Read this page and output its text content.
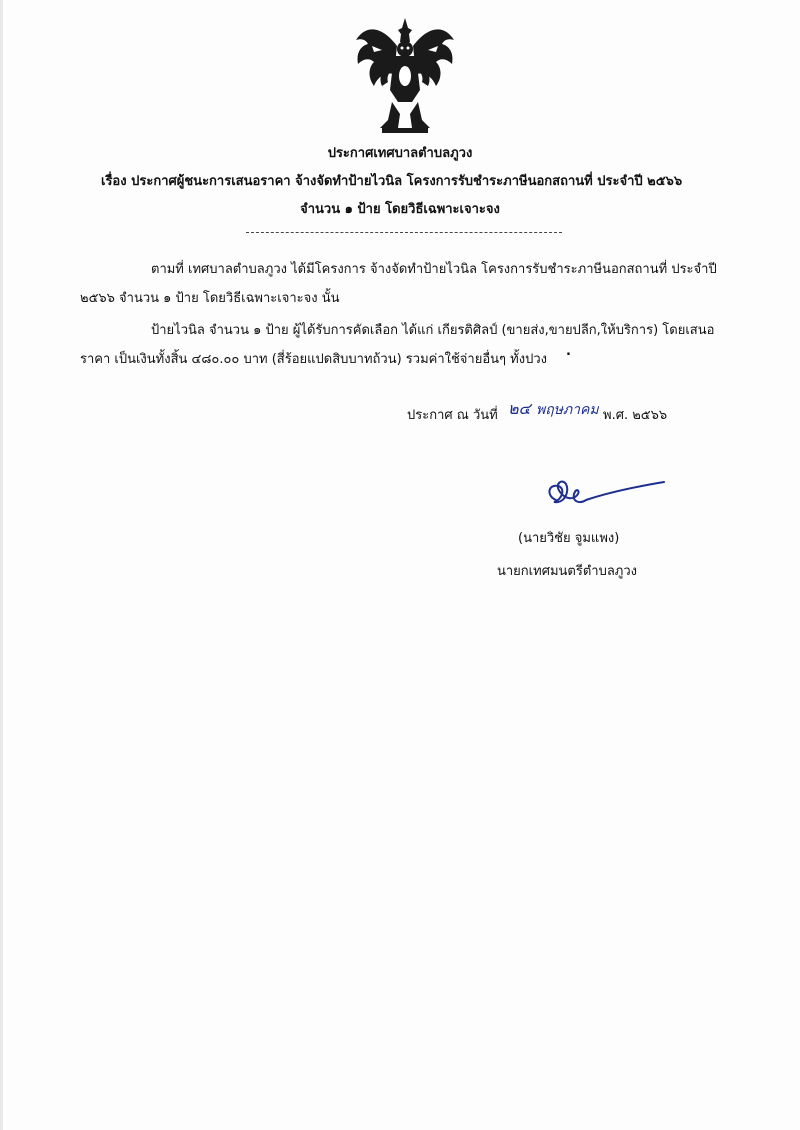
ประกาศเทศบาลตำบลภูวง
เรื่อง ประกาศผู้ชนะการเสนอราคา จ้างจัดทำป้ายไวนิล โครงการรับชำระภาษีนอกสถานที่ ประจำปี ๒๕๖๖
จำนวน ๑ ป้าย โดยวิธีเฉพาะเจาะจง
ตามที่ เทศบาลตำบลภูวง ได้มีโครงการ จ้างจัดทำป้ายไวนิล โครงการรับชำระภาษีนอกสถานที่ ประจำปี
๒๕๖๖ จำนวน ๑ ป้าย โดยวิธีเฉพาะเจาะจง นั้น
ป้ายไวนิล จำนวน ๑ ป้าย ผู้ได้รับการคัดเลือก ได้แก่ เกียรติศิลป์ (ขายส่ง,ขายปลีก,ให้บริการ) โดยเสนอ
ราคา เป็นเงินทั้งสิ้น ๔๘๐.๐๐ บาท (สี่ร้อยแปดสิบบาทถ้วน) รวมค่าใช้จ่ายอื่นๆ ทั้งปวง
.
ประกาศ ณ วันที่ ๒๔ พฤษภาคม พ.ศ. ๒๕๖๖
(นายวิชัย จูมแพง)
นายกเทศมนตรีตำบลภูวง
